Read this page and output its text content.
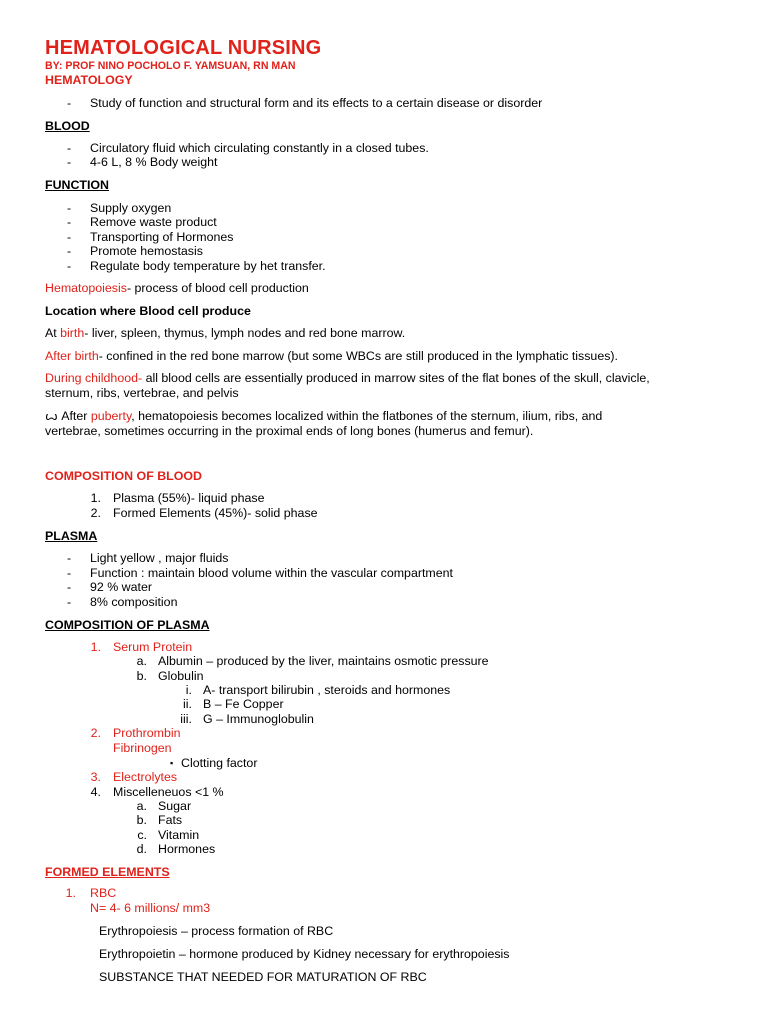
HEMATOLOGICAL NURSING
BY: PROF NINO POCHOLO F. YAMSUAN, RN MAN
HEMATOLOGY
- Study of function and structural form and its effects to a certain disease or disorder
BLOOD
- Circulatory fluid which circulating constantly in a closed tubes.
- 4-6 L, 8 % Body weight
FUNCTION
- Supply oxygen
- Remove waste product
- Transporting of Hormones
- Promote hemostasis
- Regulate body temperature by het transfer.
Hematopoiesis- process of blood cell production
Location where Blood cell produce
At birth- liver, spleen, thymus, lymph nodes and red bone marrow.
After birth- confined in the red bone marrow (but some WBCs are still produced in the lymphatic tissues).
During childhood- all blood cells are essentially produced in marrow sites of the flat bones of the skull, clavicle,
sternum, ribs, vertebrae, and pelvis
ꙍ After puberty, hematopoiesis becomes localized within the flatbones of the sternum, ilium, ribs, and
vertebrae, sometimes occurring in the proximal ends of long bones (humerus and femur).
COMPOSITION OF BLOOD
1. Plasma (55%)- liquid phase
2. Formed Elements (45%)- solid phase
PLASMA
- Light yellow , major fluids
- Function : maintain blood volume within the vascular compartment
- 92 % water
- 8% composition
COMPOSITION OF PLASMA
1. Serum Protein
a. Albumin – produced by the liver, maintains osmotic pressure
b. Globulin
i. A- transport bilirubin , steroids and hormones
ii. B – Fe Copper
iii. G – Immunoglobulin
2. Prothrombin
Fibrinogen
▪ Clotting factor
3. Electrolytes
4. Miscelleneuos <1 %
a. Sugar
b. Fats
c. Vitamin
d. Hormones
FORMED ELEMENTS
1. RBC
N= 4- 6 millions/ mm3
Erythropoiesis – process formation of RBC
Erythropoietin – hormone produced by Kidney necessary for erythropoiesis
SUBSTANCE THAT NEEDED FOR MATURATION OF RBC
